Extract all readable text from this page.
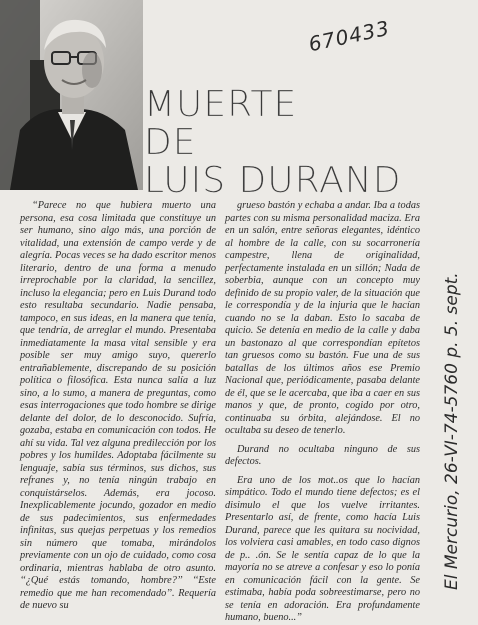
670433
MUERTE
DE
LUIS DURAND

“Parece no que hubiera muerto una persona, esa cosa limitada que constituye un ser humano, sino algo más, una porción de vitalidad, una extensión de campo verde y de alegría. Pocas veces se ha dado escritor menos literario, dentro de una forma a menudo irreprochable por la claridad, la sencillez, incluso la elegancia; pero en Luis Durand todo esto resultaba secundario. Nadie pensaba, tampoco, en sus ideas, en la manera que tenía, que tendría, de arreglar el mundo. Presentaba inmediatamente la masa vital sensible y era posible ser muy amigo suyo, quererlo entrañablemente, discrepando de su posición política o filosófica. Esta nunca salía a luz sino, a lo sumo, a manera de preguntas, como esas interrogaciones que todo hombre se dirige delante del dolor, de lo desconocido. Sufría, gozaba, estaba en comunicación con todos. He ahí su vida. Tal vez alguna predilección por los pobres y los humildes. Adoptaba fácilmente su lenguaje, sabía sus términos, sus dichos, sus refranes y, no tenía ningún trabajo en conquistárselos. Además, era jocoso. Inexplicablemente jocundo, gozador en medio de sus padecimientos, sus enfermedades infinitas, sus quejas perpetuas y los remedios sin número que tomaba, mirándolos previamente con un ojo de cuidado, como cosa ordinaria, mientras hablaba de otro asunto. ‘‘¿Qué estás tomando, hombre?’’ ‘‘Este remedio que me han recomendado’’. Requería de nuevo su

grueso bastón y echaba a andar. Iba a todas partes con su misma personalidad maciza. Era en un salón, entre señoras elegantes, idéntico al hombre de la calle, con su socarronería campestre, llena de originalidad, perfectamente instalada en un sillón; Nada de soberbia, aunque con un concepto muy definido de su propio valer, de la situación que le correspondía y de la injuria que le hacían cuando no se la daban. Esto lo sacaba de quicio. Se detenía en medio de la calle y daba un bastonazo al que correspondían epítetos tan gruesos como su bastón. Fue una de sus batallas de los últimos años ese Premio Nacional que, periódicamente, pasaba delante de él, que se le acercaba, que iba a caer en sus manos y que, de pronto, cogido por otro, continuaba su órbita, alejándose. El no ocultaba su deseo de tenerlo.

Durand no ocultaba ninguno de sus defectos.

Era uno de los mot..os que lo hacían simpático. Todo el mundo tiene defectos; es el disimulo el que los vuelve irritantes. Presentarlo así, de frente, como hacía Luis Durand, parece que les quitara su nocividad, los volviera casi amables, en todo caso dignos de p.. .ón. Se le sentía capaz de lo que la mayoría no se atreve a confesar y eso lo ponía en comunicación fácil con la gente. Se estimaba, había poda sobreestimarse, pero no se tenía en adoración. Era profundamente humano, bueno...”

El Mercurio, 26-VI-74-5760 p. 5. sept.
